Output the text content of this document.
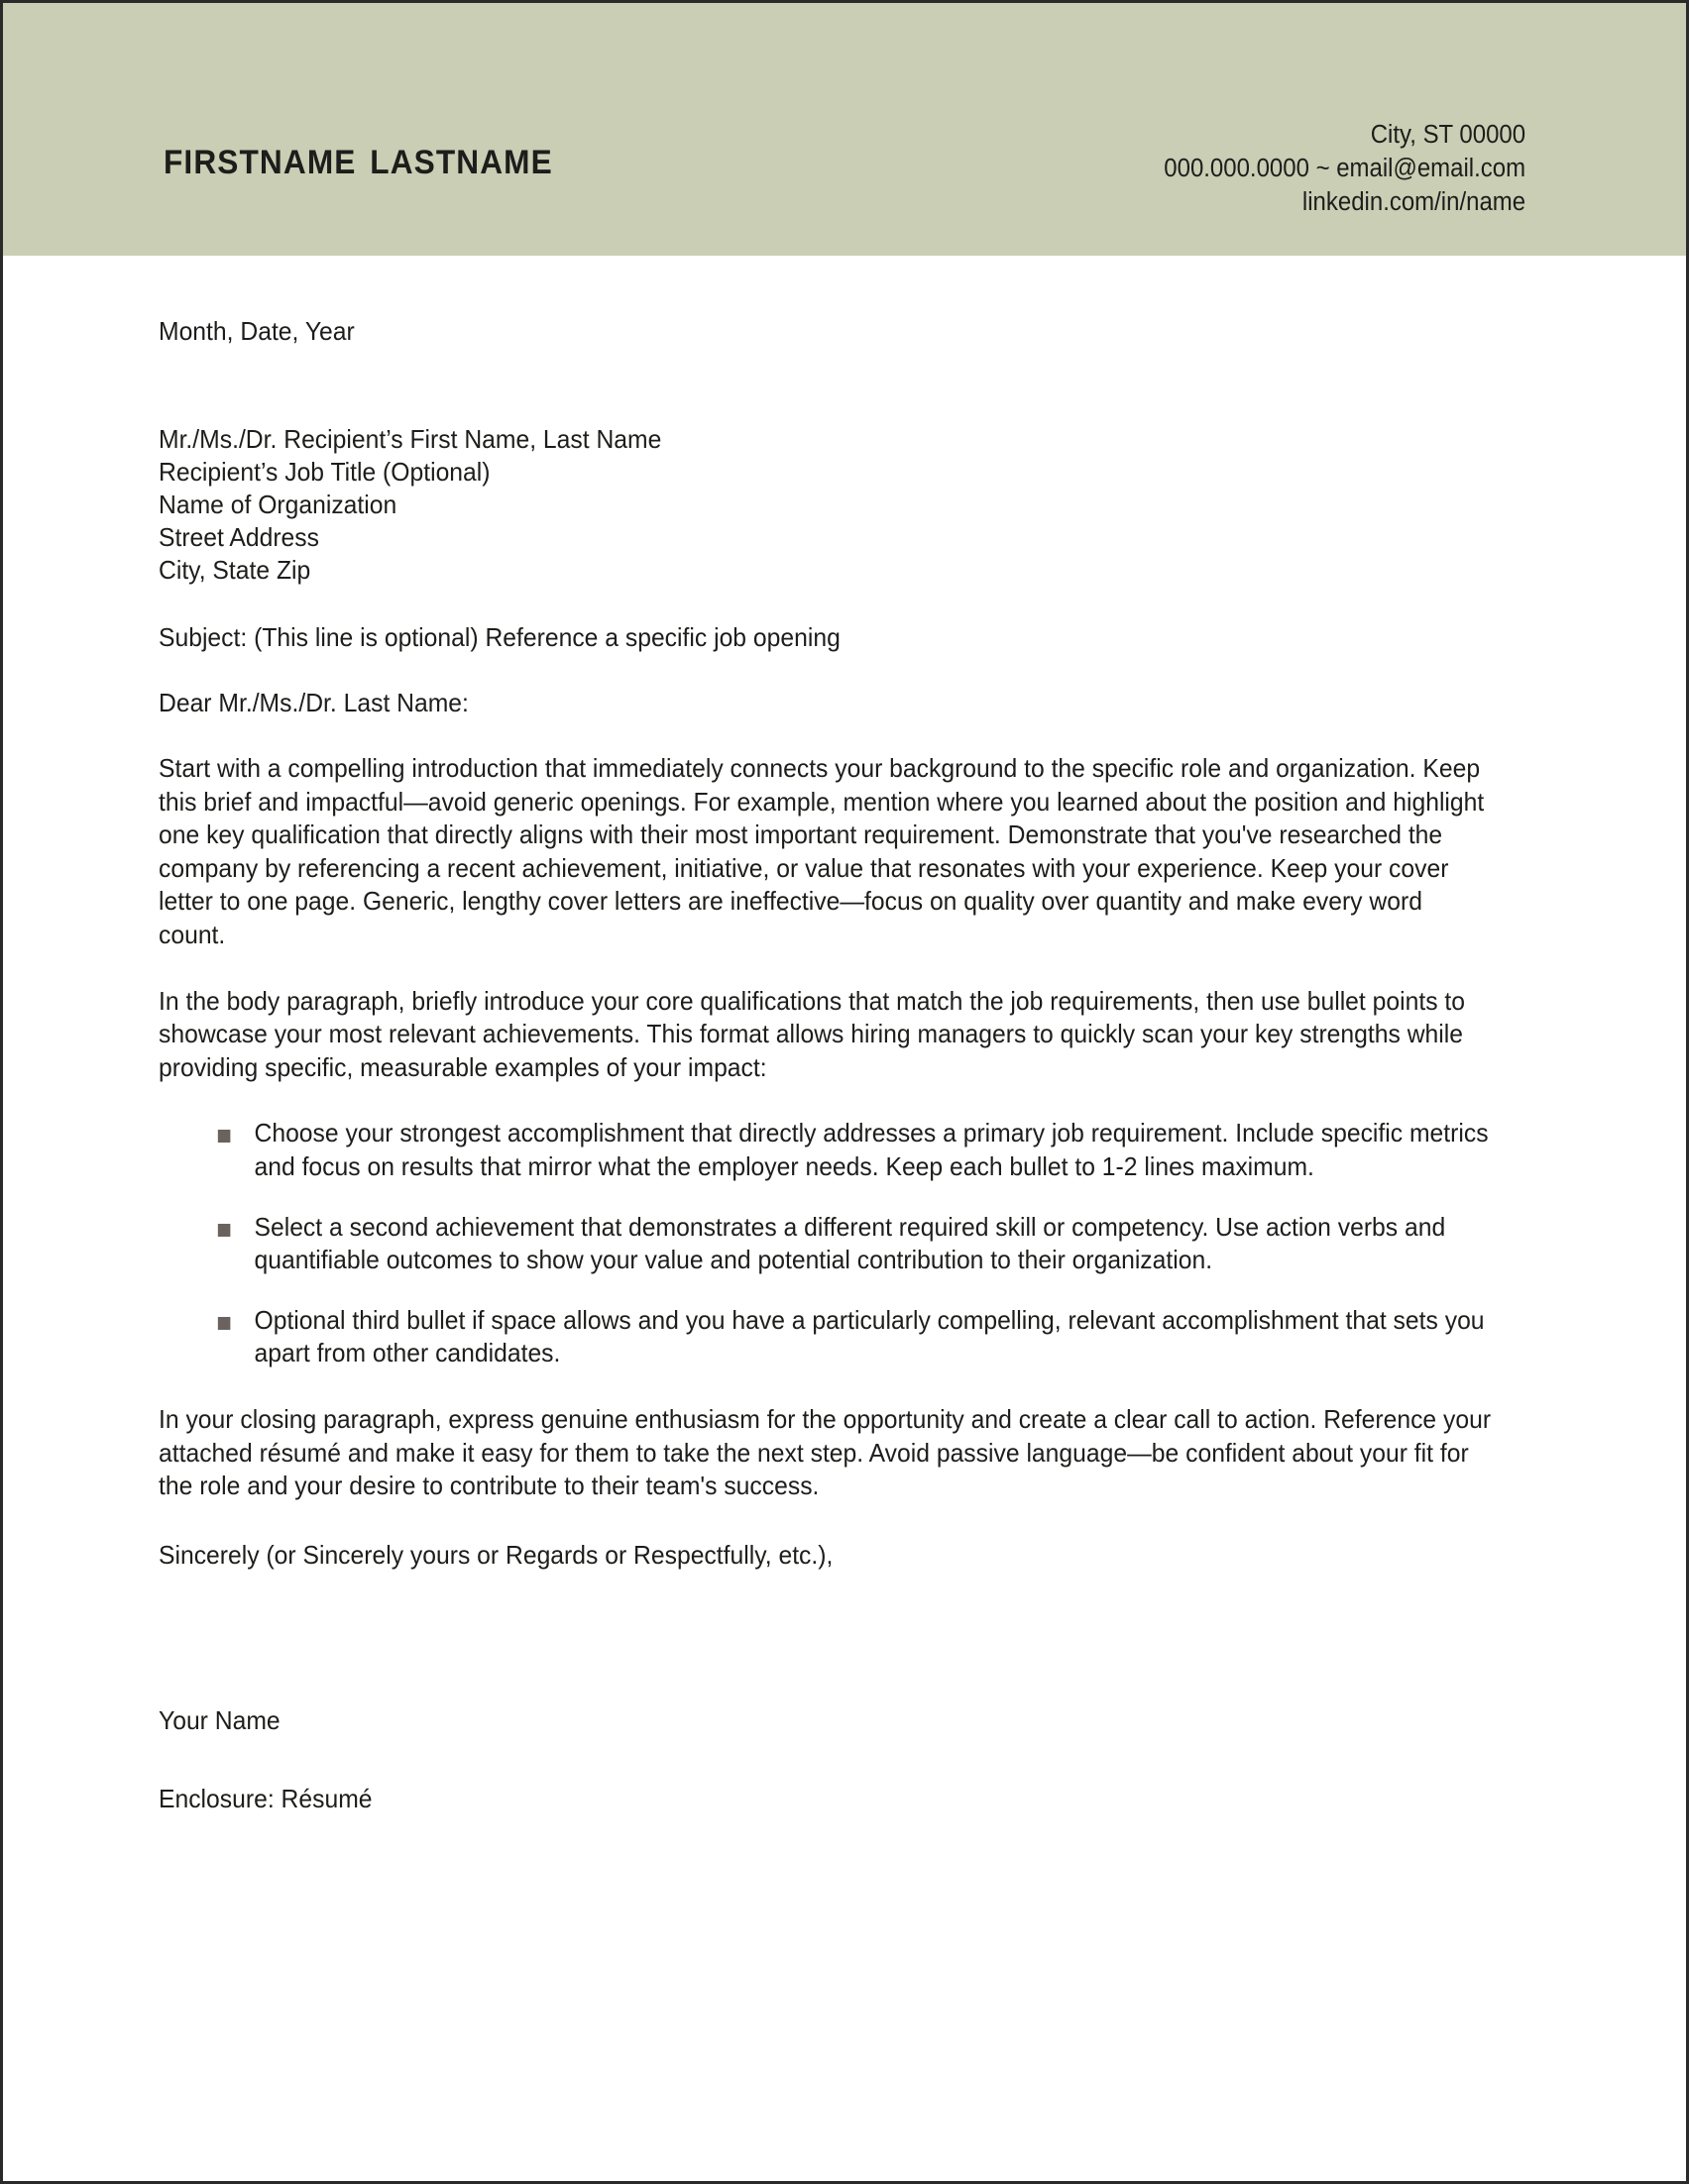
firstname lastname	City, ST 00000
000.000.0000 ~ email@email.com
linkedin.com/in/name
Month, Date, Year
Mr./Ms./Dr. Recipient’s First Name, Last Name
Recipient’s Job Title (Optional)
Name of Organization
Street Address
City, State Zip
Subject: (This line is optional) Reference a specific job opening
Dear Mr./Ms./Dr. Last Name:

Start with a compelling introduction that immediately connects your background to the specific role and organization. Keep this brief and impactful—avoid generic openings. For example, mention where you learned about the position and highlight one key qualification that directly aligns with their most important requirement. Demonstrate that you've researched the company by referencing a recent achievement, initiative, or value that resonates with your experience. Keep your cover letter to one page. Generic, lengthy cover letters are ineffective—focus on quality over quantity and make every word count.

In the body paragraph, briefly introduce your core qualifications that match the job requirements, then use bullet points to showcase your most relevant achievements. This format allows hiring managers to quickly scan your key strengths while providing specific, measurable examples of your impact:

Choose your strongest accomplishment that directly addresses a primary job requirement. Include specific metrics and focus on results that mirror what the employer needs. Keep each bullet to 1-2 lines maximum.
Select a second achievement that demonstrates a different required skill or competency. Use action verbs and quantifiable outcomes to show your value and potential contribution to their organization.
Optional third bullet if space allows and you have a particularly compelling, relevant accomplishment that sets you apart from other candidates.

In your closing paragraph, express genuine enthusiasm for the opportunity and create a clear call to action. Reference your attached résumé and make it easy for them to take the next step. Avoid passive language—be confident about your fit for the role and your desire to contribute to their team's success.

Sincerely (or Sincerely yours or Regards or Respectfully, etc.),
Your Name
Enclosure: Résumé
